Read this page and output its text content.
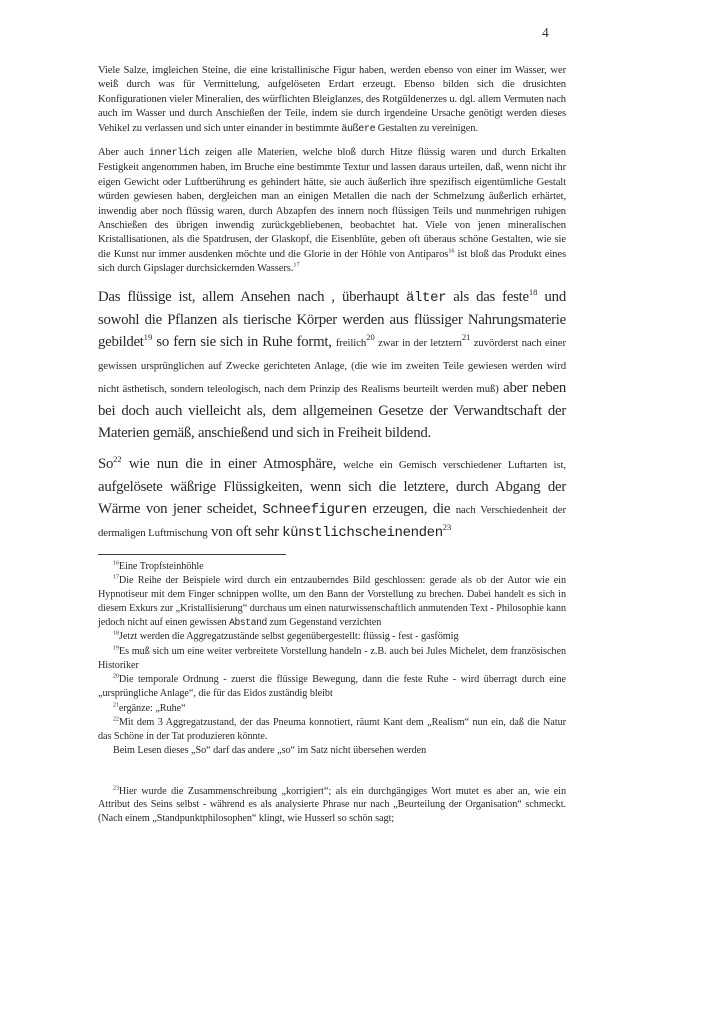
4

Viele Salze, imgleichen Steine, die eine kristallinische Figur haben, werden ebenso von einer im Wasser, wer weiß durch was für Vermittelung, aufgelöseten Erdart erzeugt. Ebenso bilden sich die drusichten Konfigurationen vieler Mineralien, des würflichten Bleiglanzes, des Rotgüldenerzes u. dgl. allem Vermuten nach auch im Wasser und durch Anschießen der Teile, indem sie durch irgendeine Ursache genötigt werden dieses Vehikel zu verlassen und sich unter einander in bestimmte äußere Gestalten zu vereinigen.

Aber auch innerlich zeigen alle Materien, welche bloß durch Hitze flüssig waren und durch Erkalten Festigkeit angenommen haben, im Bruche eine bestimmte Textur und lassen daraus urteilen, daß, wenn nicht ihr eigen Gewicht oder Luftberührung es gehindert hätte, sie auch äußerlich ihre spezifisch eigentümliche Gestalt würden gewiesen haben, dergleichen man an einigen Metallen die nach der Schmelzung äußerlich erhärtet, inwendig aber noch flüssig waren, durch Abzapfen des innern noch flüssigen Teils und nunmehrigen ruhigen Anschießen des übrigen inwendig zurückgebliebenen, beobachtet hat. Viele von jenen mineralischen Kristallisationen, als die Spatdrusen, der Glaskopf, die Eisenblüte, geben oft überaus schöne Gestalten, wie sie die Kunst nur immer ausdenken möchte und die Glorie in der Höhle von Antiparos$^{16}$ ist bloß das Produkt eines sich durch Gipslager durchsickernden Wassers.$^{17}$

Das flüssige ist, allem Ansehen nach , überhaupt älter als das feste$^{18}$ und sowohl die Pflanzen als tierische Körper werden aus flüssiger Nahrungsmaterie gebildet$^{19}$ so fern sie sich in Ruhe formt, freilich$^{20}$ zwar in der letztern$^{21}$ zuvörderst nach einer gewissen ursprünglichen auf Zwecke gerichteten Anlage, (die wie im zweiten Teile gewiesen werden wird nicht ästhetisch, sondern teleologisch, nach dem Prinzip des Realisms beurteilt werden muß) aber neben bei doch auch vielleicht als, dem allgemeinen Gesetze der Verwandtschaft der Materien gemäß, anschießend und sich in Freiheit bildend.

So$^{22}$ wie nun die in einer Atmosphäre, welche ein Gemisch verschiedener Luftarten ist, aufgelösete wäßrige Flüssigkeiten, wenn sich die letztere, durch Abgang der Wärme von jener scheidet, Schneefiguren erzeugen, die nach Verschiedenheit der dermaligen Luftmischung von oft sehr künstlichscheinenden$^{23}$

$^{16}$Eine Tropfsteinhöhle

$^{17}$Die Reihe der Beispiele wird durch ein entzauberndes Bild geschlossen: gerade als ob der Autor wie ein Hypnotiseur mit dem Finger schnippen wollte, um den Bann der Vorstellung zu brechen. Dabei handelt es sich in diesem Exkurs zur „Kristallisierung“ durchaus um einen naturwissenschaftlich anmutenden Text - Philosophie kann jedoch nicht auf einen gewissen Abstand zum Gegenstand verzichten

$^{18}$Jetzt werden die Aggregatzustände selbst gegenübergestellt: flüssig - fest - gasfömig

$^{19}$Es muß sich um eine weiter verbreitete Vorstellung handeln - z.B. auch bei Jules Michelet, dem französischen Historiker

$^{20}$Die temporale Ordnung - zuerst die flüssige Bewegung, dann die feste Ruhe - wird überragt durch eine „ursprüngliche Anlage“, die für das Eidos zuständig bleibt

$^{21}$ergänze: „Ruhe“

$^{22}$Mit dem 3 Aggregatzustand, der das Pneuma konnotiert, räumt Kant dem „Realism“ nun ein, daß die Natur das Schöne in der Tat produzieren könnte.

Beim Lesen dieses „So“ darf das andere „so“ im Satz nicht übersehen werden

$^{23}$Hier wurde die Zusammenschreibung „korrigiert“; als ein durchgängiges Wort mutet es aber an, wie ein Attribut des Seins selbst - während es als analysierte Phrase nur nach „Beurteilung der Organisation“ schmeckt. (Nach einem „Standpunktphilosophen“ klingt, wie Husserl so schön sagt;
